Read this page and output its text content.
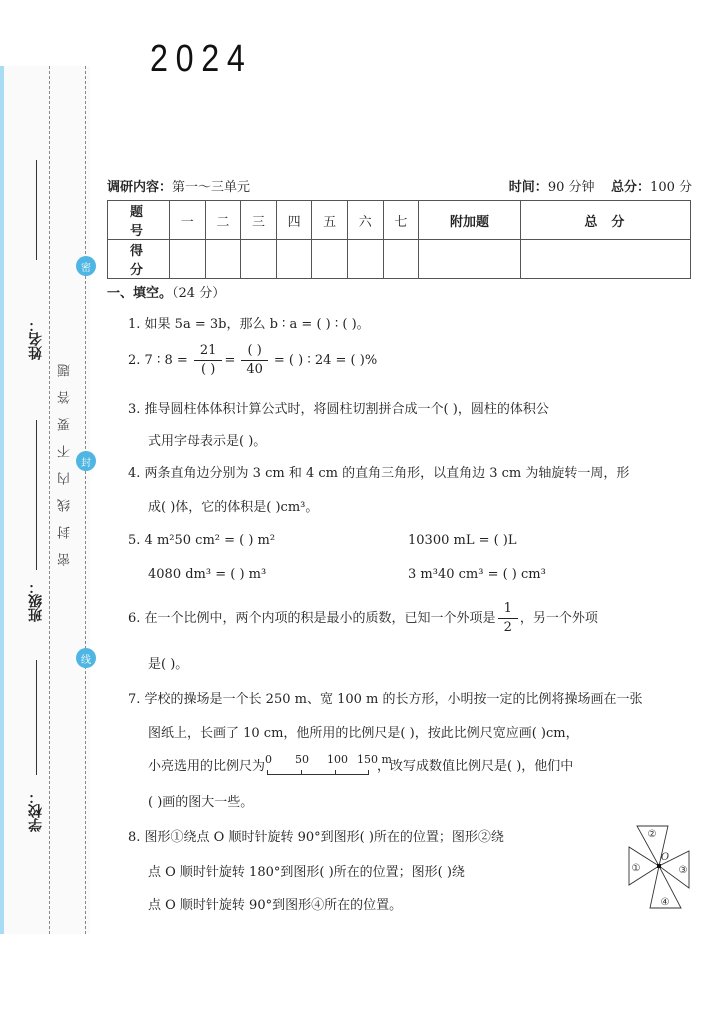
2024
姓名：
班级：
学校：
密封线内不要答题
密
封
线
调研内容：第一～三单元	时间：90 分钟 总分：100 分
题号	一	二	三	四	五	六	七	附加题	总分
得分									
一、填空。（24 分）
1. 如果 5a = 3b，那么 b ∶ a = ( ) ∶ ( )。
2. 7 ∶ $8 = \frac{21}{( )} = \frac{( )}{40}$ = ( ) ∶ 24 = ( )%
3. 推导圆柱体体积计算公式时，将圆柱切割拼合成一个( )，圆柱的体积公
式用字母表示是( )。
4. 两条直角边分别为 3 cm 和 4 cm 的直角三角形，以直角边 3 cm 为轴旋转一周，形
成( )体，它的体积是( )cm³。
5. 4 m²50 cm² = ( ) m²	10300 mL = ( )L
4080 dm³ = ( ) m³	3 m³40 cm³ = ( ) cm³
6. 在一个比例中，两个内项的积是最小的质数，已知一个外项是 $\frac{1}{2}$ ，另一个外项
是( )。
7. 学校的操场是一个长 250 m、宽 100 m 的长方形，小明按一定的比例将操场画在一张
图纸上，长画了 10 cm，他所用的比例尺是( )，按此比例尺宽应画( )cm，
小亮选用的比例尺为 0 50 100 150 m
，改写成数值比例尺是( )，他们中
( )画的图大一些。
8. 图形①绕点 O 顺时针旋转 90°到图形( )所在的位置；图形②绕
点 O 顺时针旋转 180°到图形( )所在的位置；图形( )绕
点 O 顺时针旋转 90°到图形④所在的位置。
②
①	③
④
O
